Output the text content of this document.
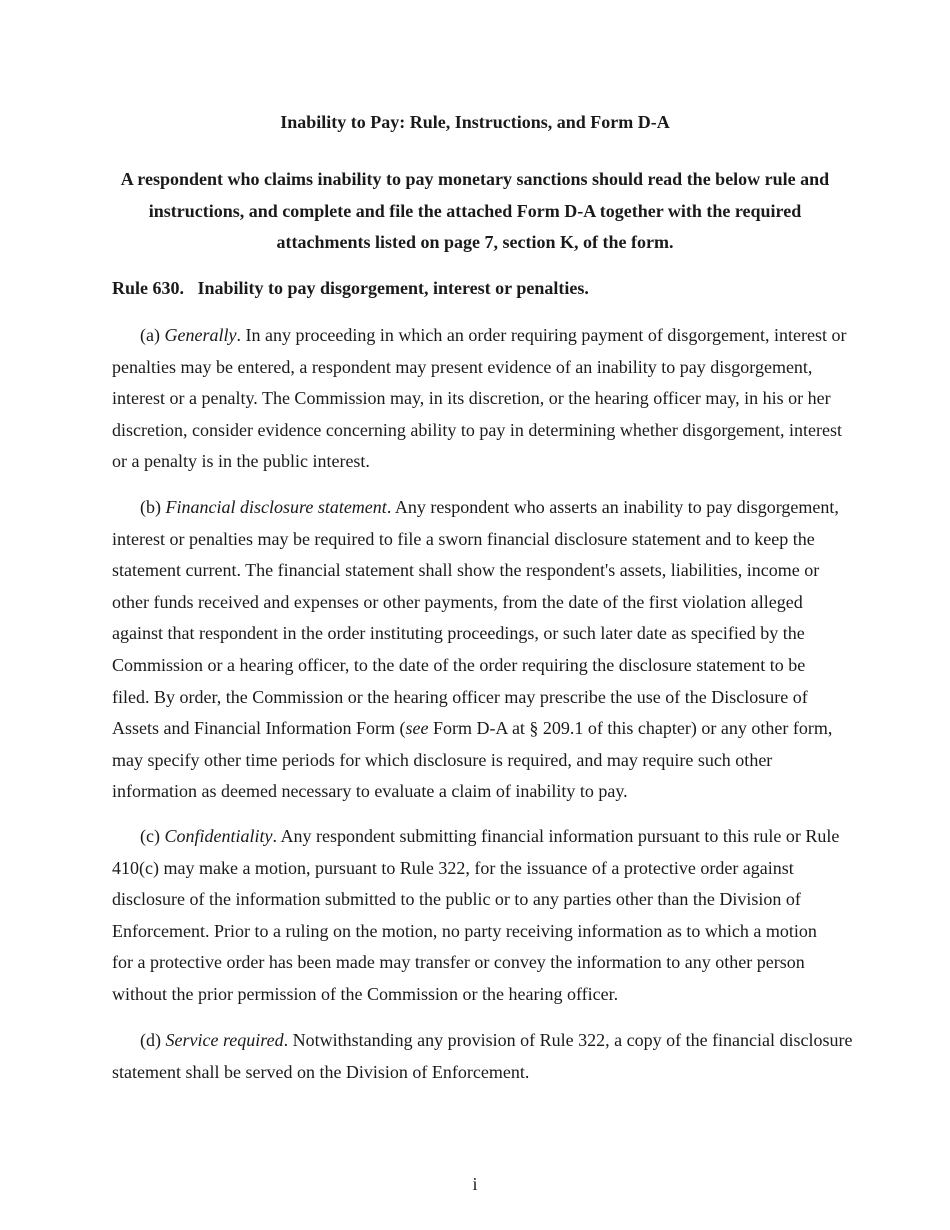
Inability to Pay: Rule, Instructions, and Form D-A
A respondent who claims inability to pay monetary sanctions should read the below rule and
instructions, and complete and file the attached Form D-A together with the required
attachments listed on page 7, section K, of the form.
Rule 630.   Inability to pay disgorgement, interest or penalties.
(a) Generally. In any proceeding in which an order requiring payment of disgorgement, interest or
penalties may be entered, a respondent may present evidence of an inability to pay disgorgement,
interest or a penalty. The Commission may, in its discretion, or the hearing officer may, in his or her
discretion, consider evidence concerning ability to pay in determining whether disgorgement, interest
or a penalty is in the public interest.
(b) Financial disclosure statement. Any respondent who asserts an inability to pay disgorgement,
interest or penalties may be required to file a sworn financial disclosure statement and to keep the
statement current. The financial statement shall show the respondent's assets, liabilities, income or
other funds received and expenses or other payments, from the date of the first violation alleged
against that respondent in the order instituting proceedings, or such later date as specified by the
Commission or a hearing officer, to the date of the order requiring the disclosure statement to be
filed. By order, the Commission or the hearing officer may prescribe the use of the Disclosure of
Assets and Financial Information Form (see Form D-A at § 209.1 of this chapter) or any other form,
may specify other time periods for which disclosure is required, and may require such other
information as deemed necessary to evaluate a claim of inability to pay.
(c) Confidentiality. Any respondent submitting financial information pursuant to this rule or Rule
410(c) may make a motion, pursuant to Rule 322, for the issuance of a protective order against
disclosure of the information submitted to the public or to any parties other than the Division of
Enforcement. Prior to a ruling on the motion, no party receiving information as to which a motion
for a protective order has been made may transfer or convey the information to any other person
without the prior permission of the Commission or the hearing officer.
(d) Service required. Notwithstanding any provision of Rule 322, a copy of the financial disclosure
statement shall be served on the Division of Enforcement.
i
